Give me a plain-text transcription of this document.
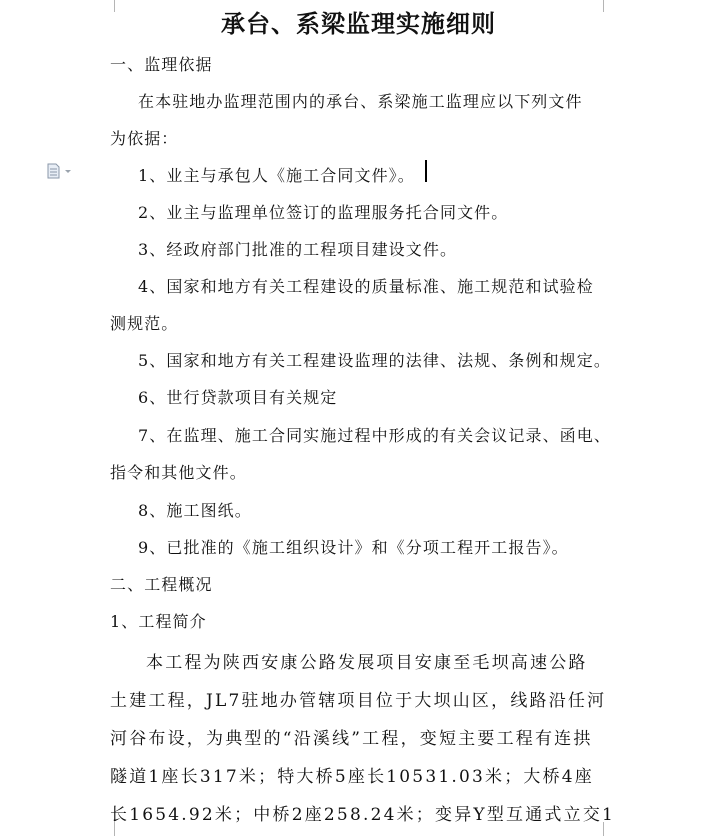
承台、系梁监理实施细则
一、监理依据
在本驻地办监理范围内的承台、系梁施工监理应以下列文件
为依据：
1、业主与承包人《施工合同文件》。
2、业主与监理单位签订的监理服务托合同文件。
3、经政府部门批准的工程项目建设文件。
4、国家和地方有关工程建设的质量标准、施工规范和试验检
测规范。
5、国家和地方有关工程建设监理的法律、法规、条例和规定。
6、世行贷款项目有关规定
7、在监理、施工合同实施过程中形成的有关会议记录、函电、
指令和其他文件。
8、施工图纸。
9、已批准的《施工组织设计》和《分项工程开工报告》。
二、工程概况
1、工程简介
本工程为陕西安康公路发展项目安康至毛坝高速公路
土建工程，JL7驻地办管辖项目位于大坝山区，线路沿任河
河谷布设，为典型的“沿溪线”工程，变短主要工程有连拱
隧道1座长317米；特大桥5座长10531.03米；大桥4座
长1654.92米；中桥2座258.24米；变异Y型互通式立交1
